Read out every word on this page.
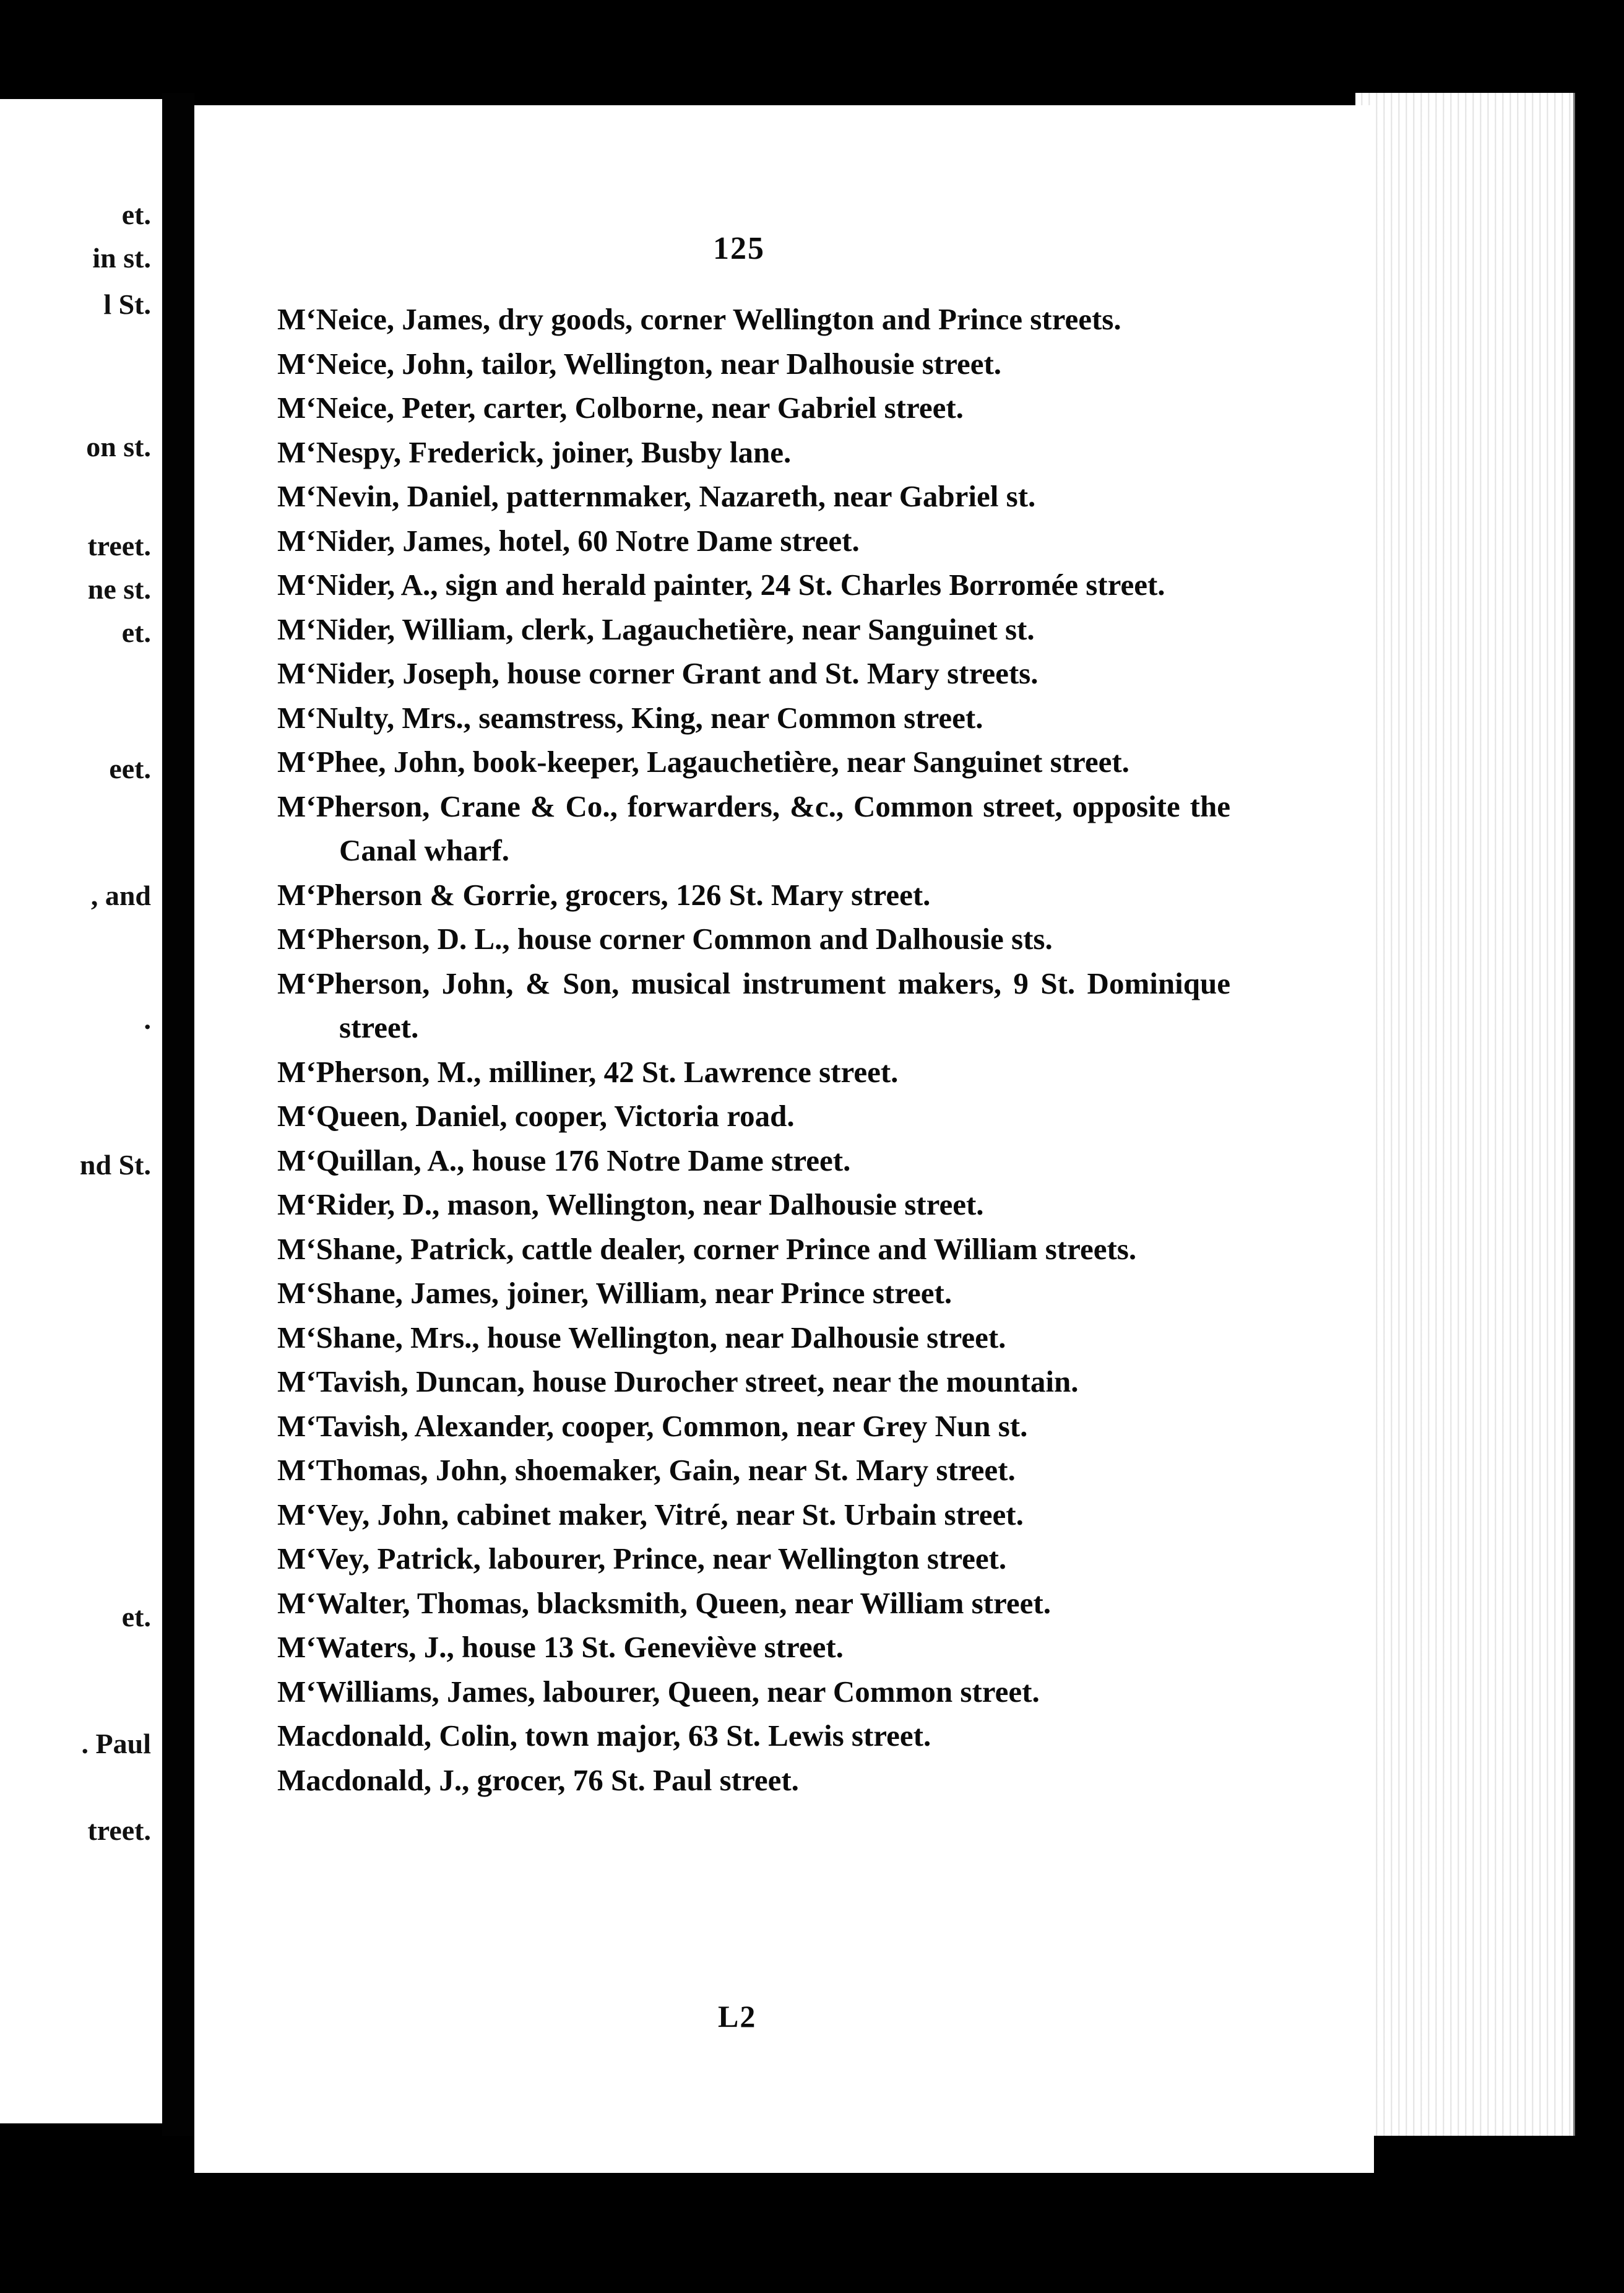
et.
in st.
l St.
on st.
treet.
ne st.
et.
eet.
, and
.
nd St.
et.
. Paul
treet.
125
M‘Neice, James, dry goods, corner Wellington and Prince streets.
M‘Neice, John, tailor, Wellington, near Dalhousie street.
M‘Neice, Peter, carter, Colborne, near Gabriel street.
M‘Nespy, Frederick, joiner, Busby lane.
M‘Nevin, Daniel, patternmaker, Nazareth, near Gabriel st.
M‘Nider, James, hotel, 60 Notre Dame street.
M‘Nider, A., sign and herald painter, 24 St. Charles Borromée street.
M‘Nider, William, clerk, Lagauchetière, near Sanguinet st.
M‘Nider, Joseph, house corner Grant and St. Mary streets.
M‘Nulty, Mrs., seamstress, King, near Common street.
M‘Phee, John, book-keeper, Lagauchetière, near Sanguinet street.
M‘Pherson, Crane & Co., forwarders, &c., Common street, opposite the Canal wharf.
M‘Pherson & Gorrie, grocers, 126 St. Mary street.
M‘Pherson, D. L., house corner Common and Dalhousie sts.
M‘Pherson, John, & Son, musical instrument makers, 9 St. Dominique street.
M‘Pherson, M., milliner, 42 St. Lawrence street.
M‘Queen, Daniel, cooper, Victoria road.
M‘Quillan, A., house 176 Notre Dame street.
M‘Rider, D., mason, Wellington, near Dalhousie street.
M‘Shane, Patrick, cattle dealer, corner Prince and William streets.
M‘Shane, James, joiner, William, near Prince street.
M‘Shane, Mrs., house Wellington, near Dalhousie street.
M‘Tavish, Duncan, house Durocher street, near the mountain.
M‘Tavish, Alexander, cooper, Common, near Grey Nun st.
M‘Thomas, John, shoemaker, Gain, near St. Mary street.
M‘Vey, John, cabinet maker, Vitré, near St. Urbain street.
M‘Vey, Patrick, labourer, Prince, near Wellington street.
M‘Walter, Thomas, blacksmith, Queen, near William street.
M‘Waters, J., house 13 St. Geneviève street.
M‘Williams, James, labourer, Queen, near Common street.
Macdonald, Colin, town major, 63 St. Lewis street.
Macdonald, J., grocer, 76 St. Paul street.
L2
